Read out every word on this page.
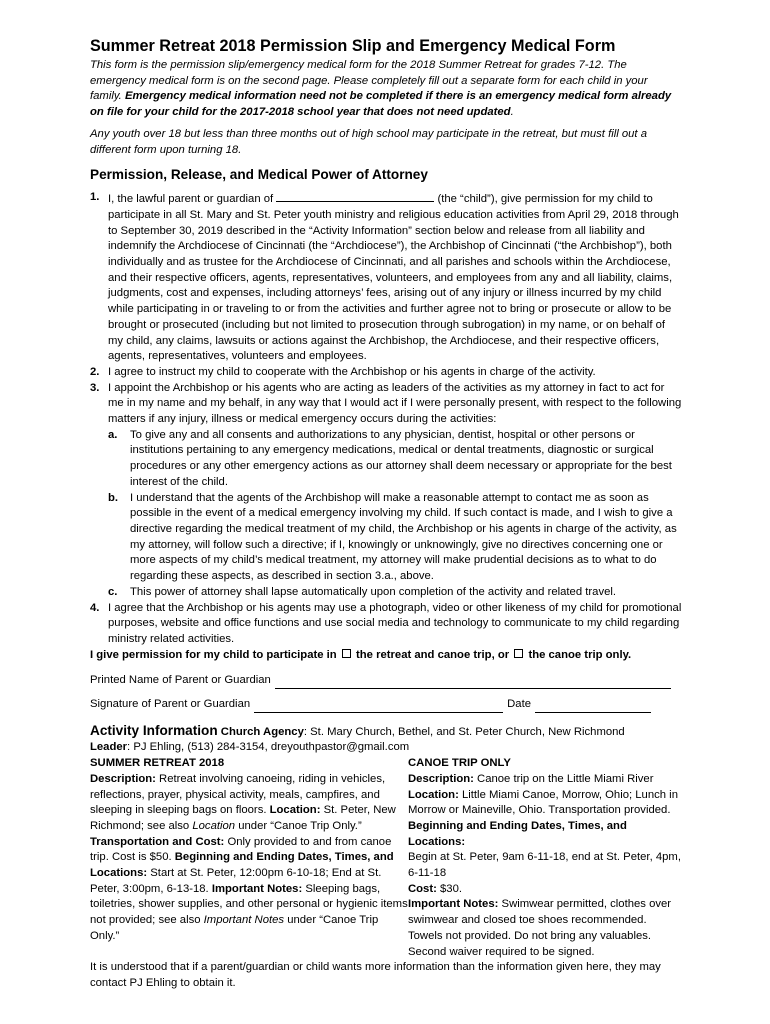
Summer Retreat 2018 Permission Slip and Emergency Medical Form

This form is the permission slip/emergency medical form for the 2018 Summer Retreat for grades 7-12. The emergency medical form is on the second page. Please completely fill out a separate form for each child in your family. Emergency medical information need not be completed if there is an emergency medical form already on file for your child for the 2017-2018 school year that does not need updated.

Any youth over 18 but less than three months out of high school may participate in the retreat, but must fill out a different form upon turning 18.

Permission, Release, and Medical Power of Attorney
1. I, the lawful parent or guardian of	(the “child”), give permission for my child to participate in all St. Mary and St. Peter youth ministry and religious education activities from April 29, 2018 through to September 30, 2019 described in the “Activity Information” section below and release from all liability and indemnify the Archdiocese of Cincinnati (the “Archdiocese”), the Archbishop of Cincinnati (“the Archbishop”), both individually and as trustee for the Archdiocese of Cincinnati, and all parishes and schools within the Archdiocese, and their respective officers, agents, representatives, volunteers, and employees from any and all liability, claims, judgments, cost and expenses, including attorneys’ fees, arising out of any injury or illness incurred by my child while participating in or traveling to or from the activities and further agree not to bring or prosecute or allow to be brought or prosecuted (including but not limited to prosecution through subrogation) in my name, or on behalf of my child, any claims, lawsuits or actions against the Archbishop, the Archdiocese, and their respective officers, agents, representatives, volunteers and employees.
2. I agree to instruct my child to cooperate with the Archbishop or his agents in charge of the activity.
3. I appoint the Archbishop or his agents who are acting as leaders of the activities as my attorney in fact to act for me in my name and my behalf, in any way that I would act if I were personally present, with respect to the following matters if any injury, illness or medical emergency occurs during the activities:
a. To give any and all consents and authorizations to any physician, dentist, hospital or other persons or institutions pertaining to any emergency medications, medical or dental treatments, diagnostic or surgical procedures or any other emergency actions as our attorney shall deem necessary or appropriate for the best interest of the child.
b. I understand that the agents of the Archbishop will make a reasonable attempt to contact me as soon as possible in the event of a medical emergency involving my child. If such contact is made, and I wish to give a directive regarding the medical treatment of my child, the Archbishop or his agents in charge of the activity, as my attorney, will follow such a directive; if I, knowingly or unknowingly, give no directives concerning one or more aspects of my child’s medical treatment, my attorney will make prudential decisions as to what to do regarding these aspects, as described in section 3.a., above.
c. This power of attorney shall lapse automatically upon completion of the activity and related travel.
4. I agree that the Archbishop or his agents may use a photograph, video or other likeness of my child for promotional purposes, website and office functions and use social media and technology to communicate to my child regarding ministry related activities.

I give permission for my child to participate in the retreat and canoe trip, or the canoe trip only.

Printed Name of Parent or Guardian
Signature of Parent or Guardian	Date
Activity Information Church Agency: St. Mary Church, Bethel, and St. Peter Church, New Richmond
Leader: PJ Ehling, (513) 284-3154, dreyouthpastor@gmail.com
SUMMER RETREAT 2018
Description: Retreat involving canoeing, riding in vehicles, reflections, prayer, physical activity, meals, campfires, and sleeping in sleeping bags on floors. Location: St. Peter, New Richmond; see also Location under “Canoe Trip Only.” Transportation and Cost: Only provided to and from canoe trip. Cost is $50. Beginning and Ending Dates, Times, and Locations: Start at St. Peter, 12:00pm 6-10-18; End at St. Peter, 3:00pm, 6-13-18. Important Notes: Sleeping bags, toiletries, shower supplies, and other personal or hygienic items not provided; see also Important Notes under “Canoe Trip Only.”
CANOE TRIP ONLY
Description: Canoe trip on the Little Miami River
Location: Little Miami Canoe, Morrow, Ohio; Lunch in Morrow or Maineville, Ohio. Transportation provided.
Beginning and Ending Dates, Times, and Locations:
Begin at St. Peter, 9am 6-11-18, end at St. Peter, 4pm, 6-11-18
Cost: $30.
Important Notes: Swimwear permitted, clothes over swimwear and closed toe shoes recommended. Towels not provided. Do not bring any valuables. Second waiver required to be signed.
It is understood that if a parent/guardian or child wants more information than the information given here, they may contact PJ Ehling to obtain it.
